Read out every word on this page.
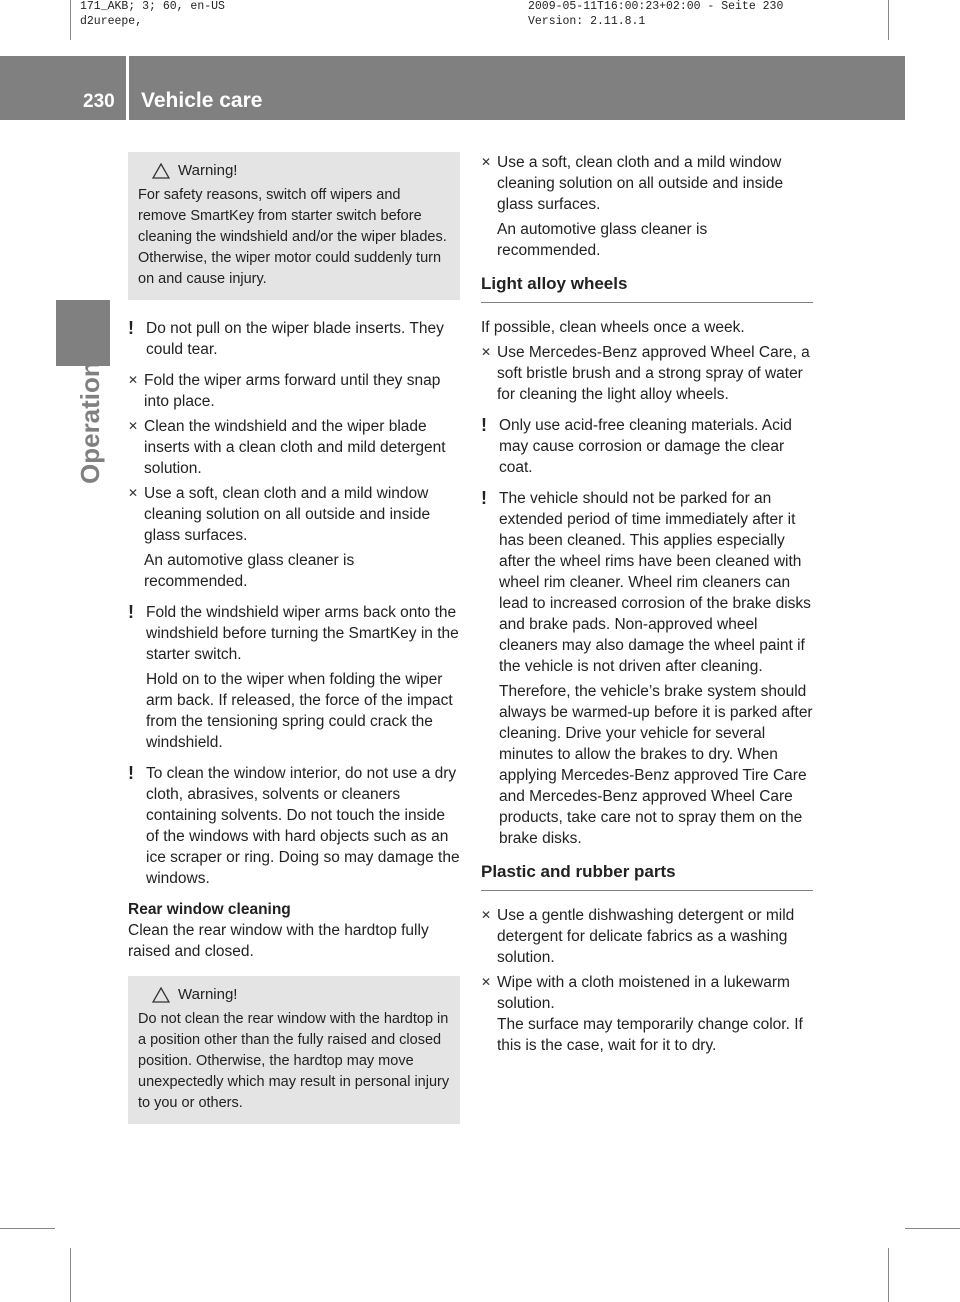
171_AKB; 3; 60, en-US
d2ureepe,
2009-05-11T16:00:23+02:00 - Seite 230
Version: 2.11.8.1
230 Vehicle care
Operation
Warning!
For safety reasons, switch off wipers and remove SmartKey from starter switch before cleaning the windshield and/or the wiper blades. Otherwise, the wiper motor could suddenly turn on and cause injury.
! Do not pull on the wiper blade inserts. They could tear.
✕ Fold the wiper arms forward until they snap into place.
✕ Clean the windshield and the wiper blade inserts with a clean cloth and mild detergent solution.
✕ Use a soft, clean cloth and a mild window cleaning solution on all outside and inside glass surfaces.
An automotive glass cleaner is recommended.
! Fold the windshield wiper arms back onto the windshield before turning the SmartKey in the starter switch.
Hold on to the wiper when folding the wiper arm back. If released, the force of the impact from the tensioning spring could crack the windshield.
! To clean the window interior, do not use a dry cloth, abrasives, solvents or cleaners containing solvents. Do not touch the inside of the windows with hard objects such as an ice scraper or ring. Doing so may damage the windows.
Rear window cleaning
Clean the rear window with the hardtop fully raised and closed.
Warning!
Do not clean the rear window with the hardtop in a position other than the fully raised and closed position. Otherwise, the hardtop may move unexpectedly which may result in personal injury to you or others.
✕ Use a soft, clean cloth and a mild window cleaning solution on all outside and inside glass surfaces.
An automotive glass cleaner is recommended.
Light alloy wheels
If possible, clean wheels once a week.
✕ Use Mercedes-Benz approved Wheel Care, a soft bristle brush and a strong spray of water for cleaning the light alloy wheels.
! Only use acid-free cleaning materials. Acid may cause corrosion or damage the clear coat.
! The vehicle should not be parked for an extended period of time immediately after it has been cleaned. This applies especially after the wheel rims have been cleaned with wheel rim cleaner. Wheel rim cleaners can lead to increased corrosion of the brake disks and brake pads. Non-approved wheel cleaners may also damage the wheel paint if the vehicle is not driven after cleaning.
Therefore, the vehicle’s brake system should always be warmed-up before it is parked after cleaning. Drive your vehicle for several minutes to allow the brakes to dry. When applying Mercedes-Benz approved Tire Care and Mercedes-Benz approved Wheel Care products, take care not to spray them on the brake disks.
Plastic and rubber parts
✕ Use a gentle dishwashing detergent or mild detergent for delicate fabrics as a washing solution.
✕ Wipe with a cloth moistened in a lukewarm solution.
The surface may temporarily change color. If this is the case, wait for it to dry.
